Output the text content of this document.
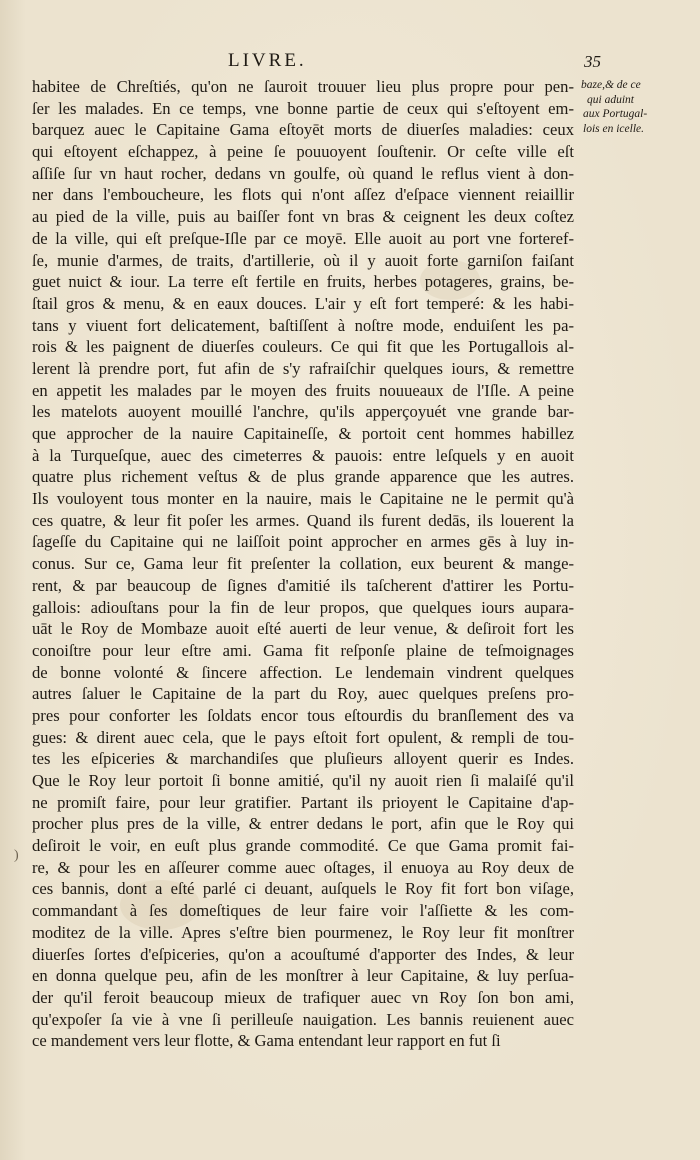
LIVRE.	35
baze,& de ce
qui aduint
aux Portugal-
lois en icelle.
habitee de Chreſtiés, qu'on ne ſauroit trouuer lieu plus propre pour pen-
ſer les malades. En ce temps, vne bonne partie de ceux qui s'eſtoyent em-
barquez auec le Capitaine Gama eſtoyēt morts de diuerſes maladies: ceux
qui eſtoyent eſchappez, à peine ſe pouuoyent ſouſtenir. Or ceſte ville eſt
aſſiſe ſur vn haut rocher, dedans vn goulfe, où quand le reflus vient à don-
ner dans l'emboucheure, les flots qui n'ont aſſez d'eſpace viennent reiaillir
au pied de la ville, puis au baiſſer font vn bras & ceignent les deux coſtez
de la ville, qui eſt preſque-Iſle par ce moyē. Elle auoit au port vne forteref-
ſe, munie d'armes, de traits, d'artillerie, où il y auoit forte garniſon faiſant
guet nuict & iour. La terre eſt fertile en fruits, herbes potageres, grains, be-
ſtail gros & menu, & en eaux douces. L'air y eſt fort temperé: & les habi-
tans y viuent fort delicatement, baſtiſſent à noſtre mode, enduiſent les pa-
rois & les paignent de diuerſes couleurs. Ce qui fit que les Portugallois al-
lerent là prendre port, fut afin de s'y rafraiſchir quelques iours, & remettre
en appetit les malades par le moyen des fruits nouueaux de l'Iſle. A peine
les matelots auoyent mouillé l'anchre, qu'ils apperçoyuét vne grande bar-
que approcher de la nauire Capitaineſſe, & portoit cent hommes habillez
à la Turqueſque, auec des cimeterres & pauois: entre leſquels y en auoit
quatre plus richement veſtus & de plus grande apparence que les autres.
Ils vouloyent tous monter en la nauire, mais le Capitaine ne le permit qu'à
ces quatre, & leur fit poſer les armes. Quand ils furent dedās, ils louerent la
ſageſſe du Capitaine qui ne laiſſoit point approcher en armes gēs à luy in-
conus. Sur ce, Gama leur fit preſenter la collation, eux beurent & mange-
rent, & par beaucoup de ſignes d'amitié ils taſcherent d'attirer les Portu-
gallois: adiouſtans pour la fin de leur propos, que quelques iours aupara-
uāt le Roy de Mombaze auoit eſté auerti de leur venue, & deſiroit fort les
conoiſtre pour leur eſtre ami. Gama fit reſponſe plaine de teſmoignages
de bonne volonté & ſincere affection. Le lendemain vindrent quelques
autres ſaluer le Capitaine de la part du Roy, auec quelques preſens pro-
pres pour conforter les ſoldats encor tous eſtourdis du branſlement des va
gues: & dirent auec cela, que le pays eſtoit fort opulent, & rempli de tou-
tes les eſpiceries & marchandiſes que pluſieurs alloyent querir es Indes.
Que le Roy leur portoit ſi bonne amitié, qu'il ny auoit rien ſi malaiſé qu'il
ne promiſt faire, pour leur gratifier. Partant ils prioyent le Capitaine d'ap-
procher plus pres de la ville, & entrer dedans le port, afin que le Roy qui
deſiroit le voir, en euſt plus grande commodité. Ce que Gama promit fai-
re, & pour les en aſſeurer comme auec oſtages, il enuoya au Roy deux de
ces bannis, dont a eſté parlé ci deuant, auſquels le Roy fit fort bon viſage,
commandant à ſes domeſtiques de leur faire voir l'aſſiette & les com-
moditez de la ville. Apres s'eſtre bien pourmenez, le Roy leur fit monſtrer
diuerſes ſortes d'eſpiceries, qu'on a acouſtumé d'apporter des Indes, & leur
en donna quelque peu, afin de les monſtrer à leur Capitaine, & luy perſua-
der qu'il feroit beaucoup mieux de trafiquer auec vn Roy ſon bon ami,
qu'expoſer ſa vie à vne ſi perilleuſe nauigation. Les bannis reuienent auec
ce mandement vers leur flotte, & Gama entendant leur rapport en fut ſi
)
